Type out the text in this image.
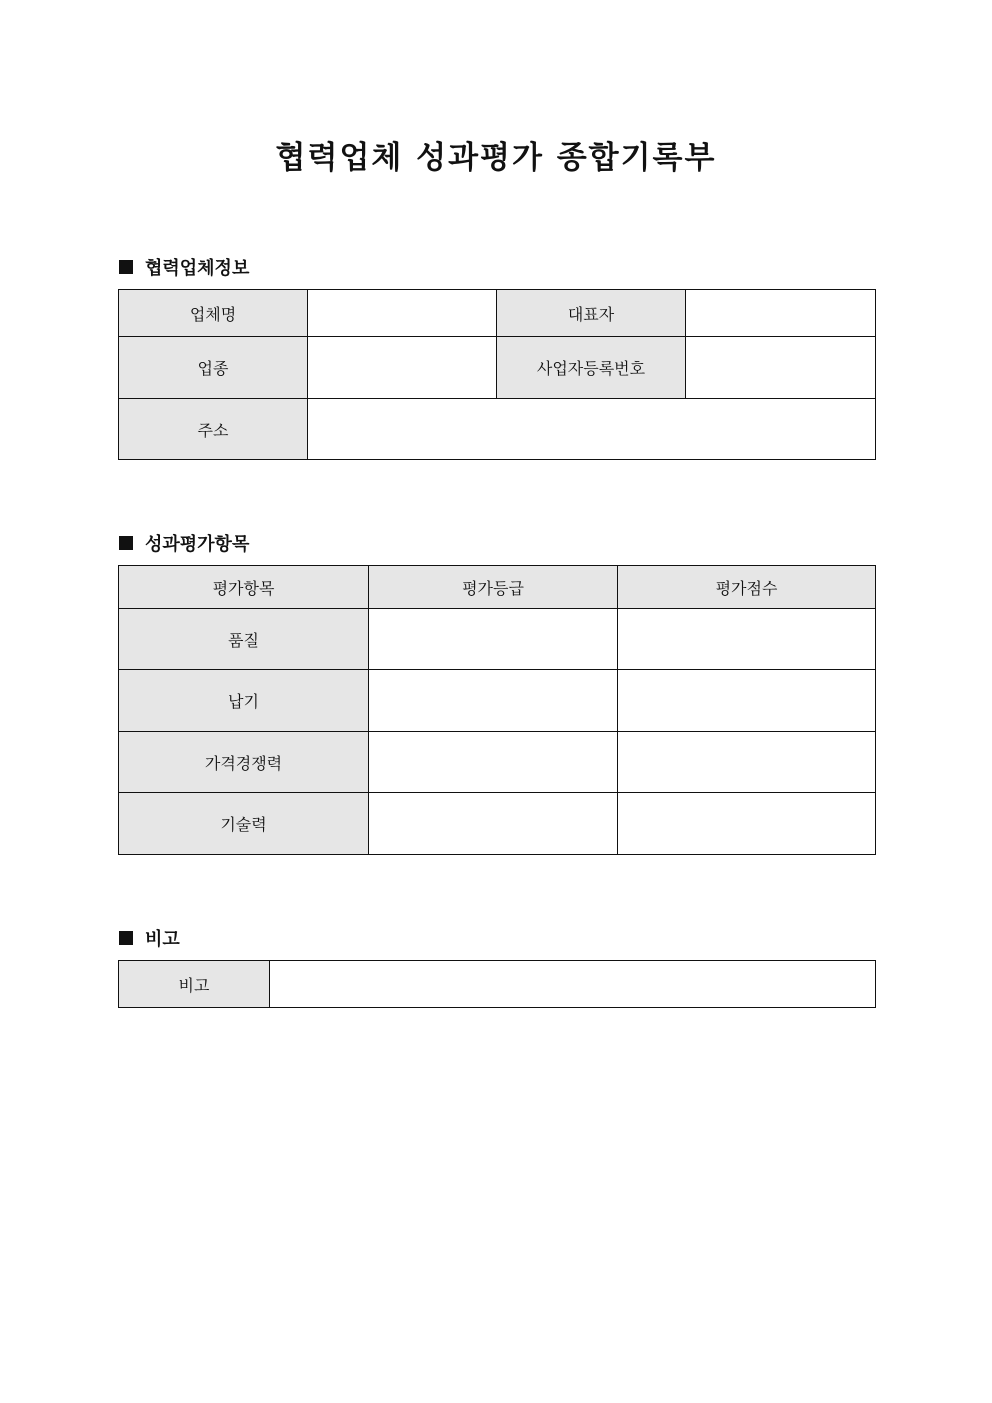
협력업체 성과평가 종합기록부
협력업체정보
업체명		대표자	
업종		사업자등록번호	
주소			
성과평가항목
평가항목	평가등급	평가점수
품질		
납기		
가격경쟁력		
기술력		
비고
비고	
